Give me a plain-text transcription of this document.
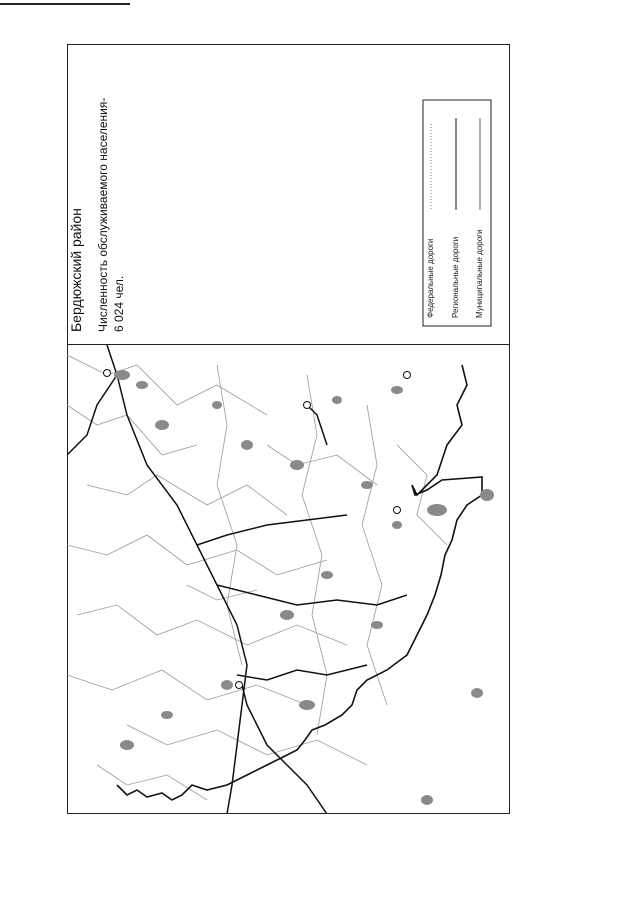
Бердюжский район Численность обслуживаемого населения- 6 024 чел.	Федеральные дороги Региональные дороги Муниципальные дороги
